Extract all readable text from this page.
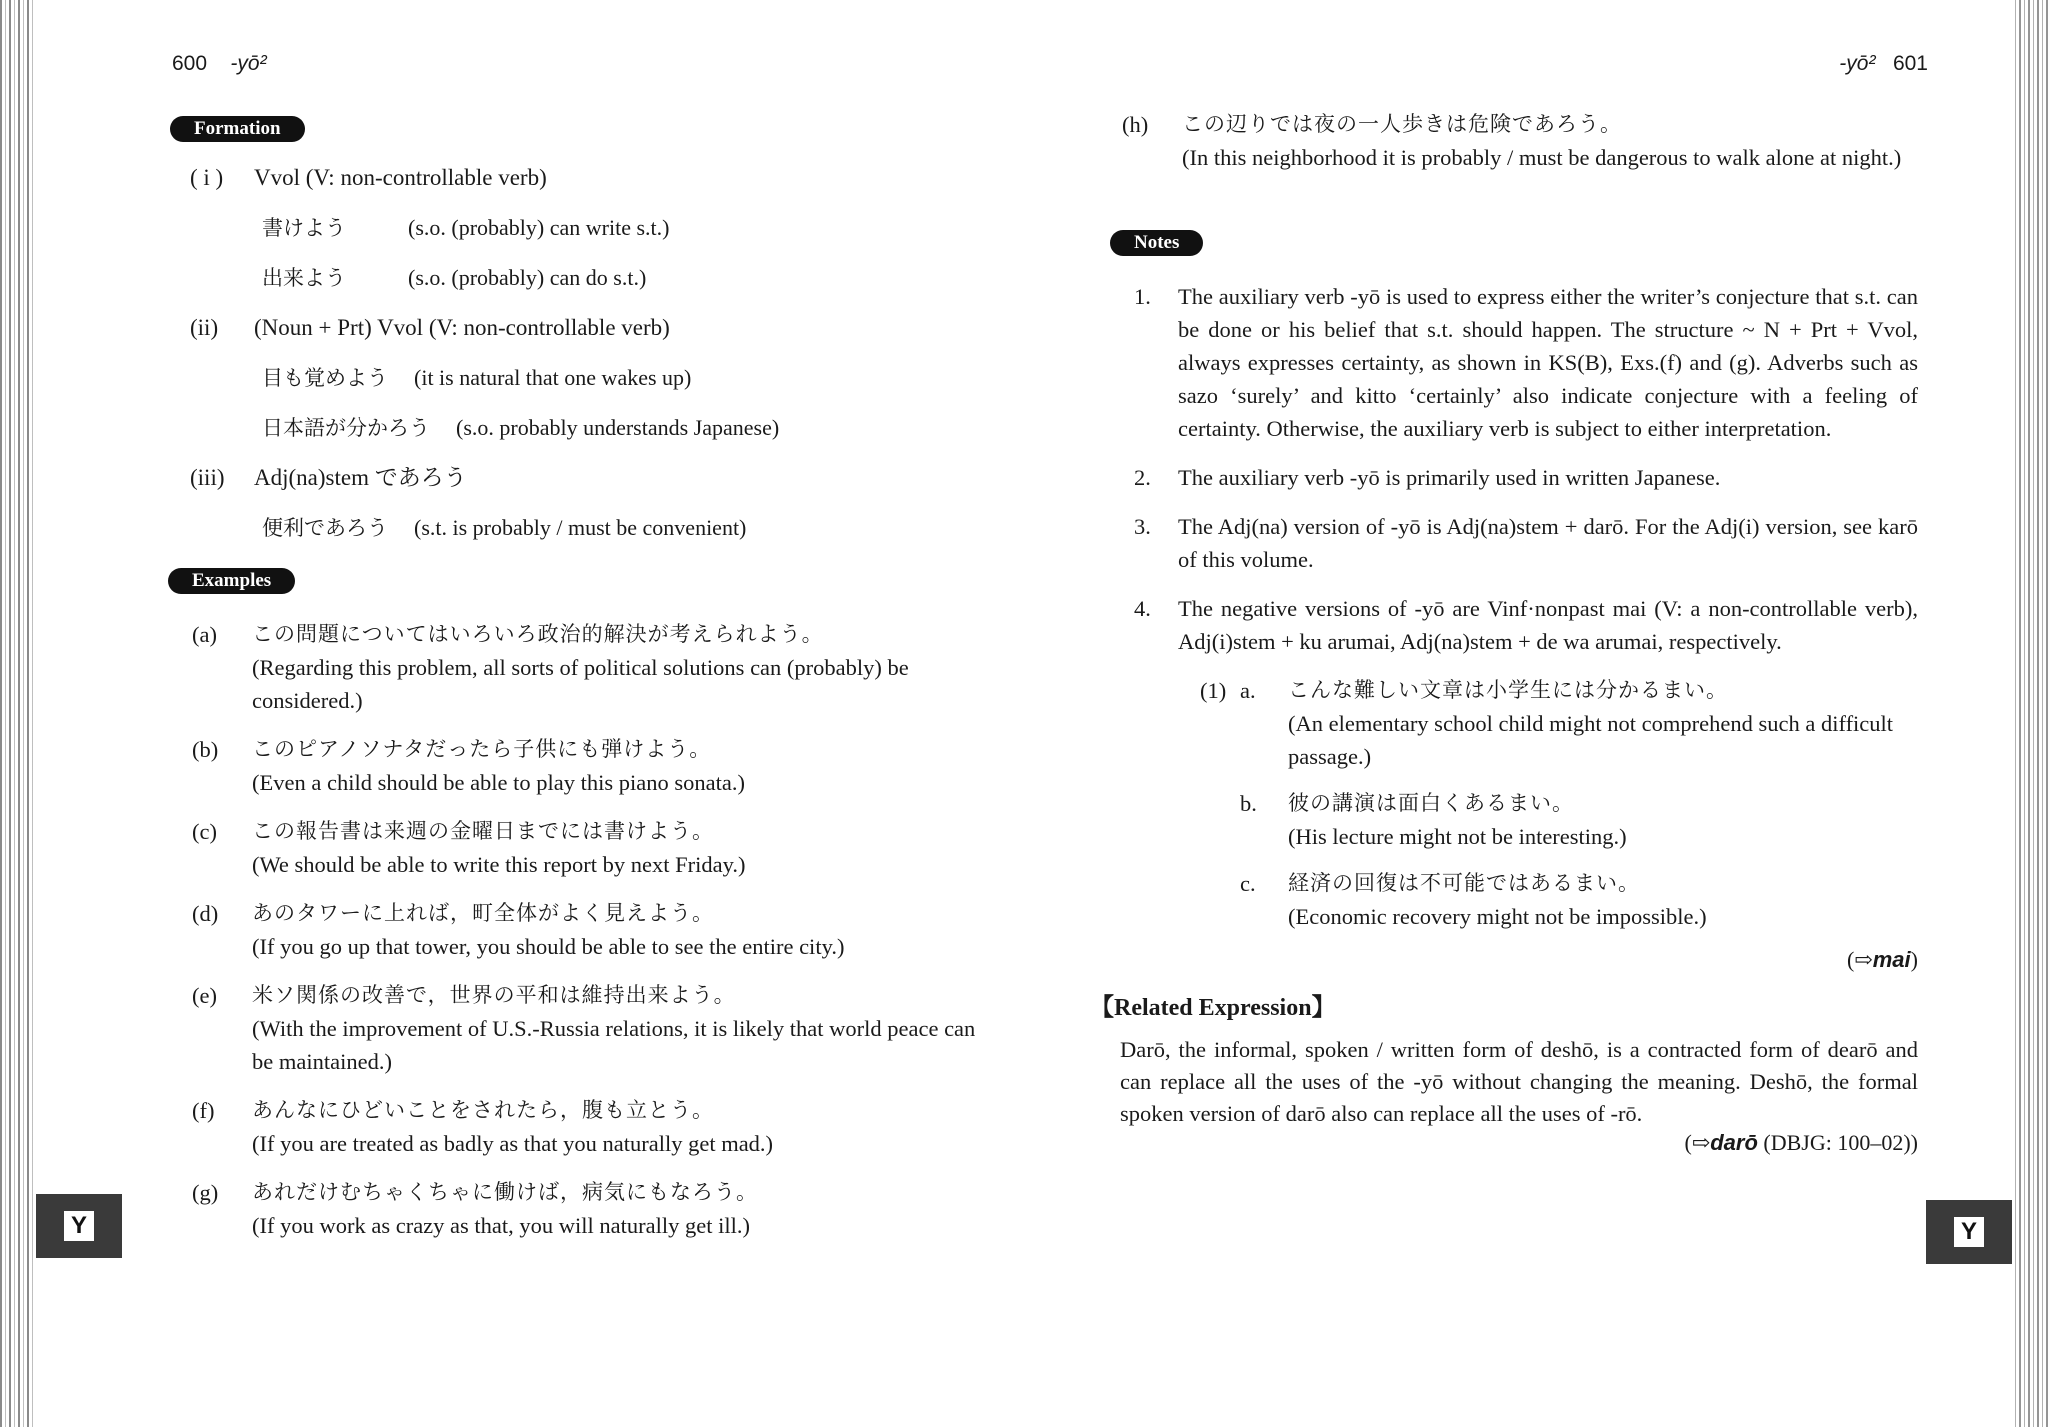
Y	Y
600 -yō²
Formation
( i )	Vvol (V: non-controllable verb)
書けよう	(s.o. (probably) can write s.t.)
出来よう	(s.o. (probably) can do s.t.)
(ii)	(Noun + Prt) Vvol (V: non-controllable verb)
目も覚めよう (it is natural that one wakes up)
日本語が分かろう (s.o. probably understands Japanese)
(iii)	Adj(na)stem であろう
便利であろう (s.t. is probably / must be convenient)
Examples
(a)	この問題についてはいろいろ政治的解決が考えられよう。
(Regarding this problem, all sorts of political solutions can (probably) be considered.)
(b)	このピアノソナタだったら子供にも弾けよう。
(Even a child should be able to play this piano sonata.)
(c)	この報告書は来週の金曜日までには書けよう。
(We should be able to write this report by next Friday.)
(d)	あのタワーに上れば，町全体がよく見えよう。
(If you go up that tower, you should be able to see the entire city.)
(e)	米ソ関係の改善で，世界の平和は維持出来よう。
(With the improvement of U.S.-Russia relations, it is likely that world peace can be maintained.)
(f)	あんなにひどいことをされたら，腹も立とう。
(If you are treated as badly as that you naturally get mad.)
(g)	あれだけむちゃくちゃに働けば，病気にもなろう。
(If you work as crazy as that, you will naturally get ill.)
-yō² 601
(h)	この辺りでは夜の一人歩きは危険であろう。
(In this neighborhood it is probably / must be dangerous to walk alone at night.)
Notes
1.	The auxiliary verb -yō is used to express either the writer’s conjecture that s.t. can be done or his belief that s.t. should happen. The structure ~ N + Prt + Vvol, always expresses certainty, as shown in KS(B), Exs.(f) and (g). Adverbs such as sazo ‘surely’ and kitto ‘certainly’ also indicate conjecture with a feeling of certainty. Otherwise, the auxiliary verb is subject to either interpretation.
2.	The auxiliary verb -yō is primarily used in written Japanese.
3.	The Adj(na) version of -yō is Adj(na)stem + darō. For the Adj(i) version, see karō of this volume.
4.	The negative versions of -yō are Vinf·nonpast mai (V: a non-controllable verb), Adj(i)stem + ku arumai, Adj(na)stem + de wa arumai, respectively.
(1) a.	こんな難しい文章は小学生には分かるまい。
(An elementary school child might not comprehend such a difficult passage.)
b.	彼の講演は面白くあるまい。
(His lecture might not be interesting.)
c.	経済の回復は不可能ではあるまい。
(Economic recovery might not be impossible.)
(⇨mai)
【Related Expression】
Darō, the informal, spoken / written form of deshō, is a contracted form of dearō and can replace all the uses of the -yō without changing the meaning. Deshō, the formal spoken version of darō also can replace all the uses of -rō.
(⇨darō (DBJG: 100–02))
